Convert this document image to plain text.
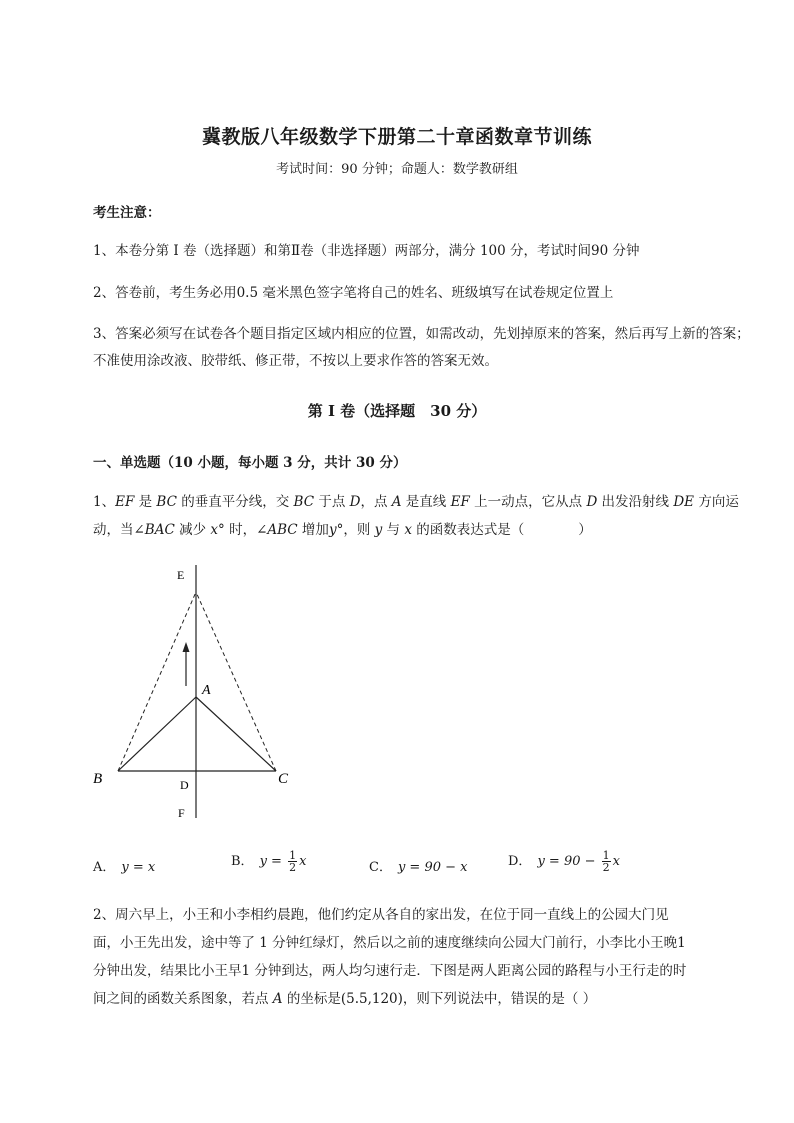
冀教版八年级数学下册第二十章函数章节训练
考试时间：90 分钟；命题人：数学教研组
考生注意：
1、本卷分第 I 卷（选择题）和第Ⅱ卷（非选择题）两部分，满分 100 分，考试时间90 分钟
2、答卷前，考生务必用0.5 毫米黑色签字笔将自己的姓名、班级填写在试卷规定位置上
3、答案必须写在试卷各个题目指定区域内相应的位置，如需改动，先划掉原来的答案，然后再写上新的答案；不准使用涂改液、胶带纸、修正带，不按以上要求作答的答案无效。
第 I 卷（选择题　30 分）
一、单选题（10 小题，每小题 3 分，共计 30 分）
1、EF 是 BC 的垂直平分线，交 BC 于点 D，点 A 是直线 EF 上一动点，它从点 D 出发沿射线 DE 方向运
动，当∠BAC 减少 x° 时，∠ABC 增加y°，则 y 与 x 的函数表达式是（　　　　）
E
A
B	C
D
F
A． y = x	B． $y = \frac{1}{2}$ x	C． y = 90 − x	D． $y = 90 - \frac{1}{2}$ x
2、周六早上，小王和小李相约晨跑，他们约定从各自的家出发，在位于同一直线上的公园大门见
面，小王先出发，途中等了 1 分钟红绿灯，然后以之前的速度继续向公园大门前行，小李比小王晚1
分钟出发，结果比小王早1 分钟到达，两人均匀速行走．下图是两人距离公园的路程与小王行走的时
间之间的函数关系图象，若点 A 的坐标是(5.5,120)，则下列说法中，错误的是（ ）
